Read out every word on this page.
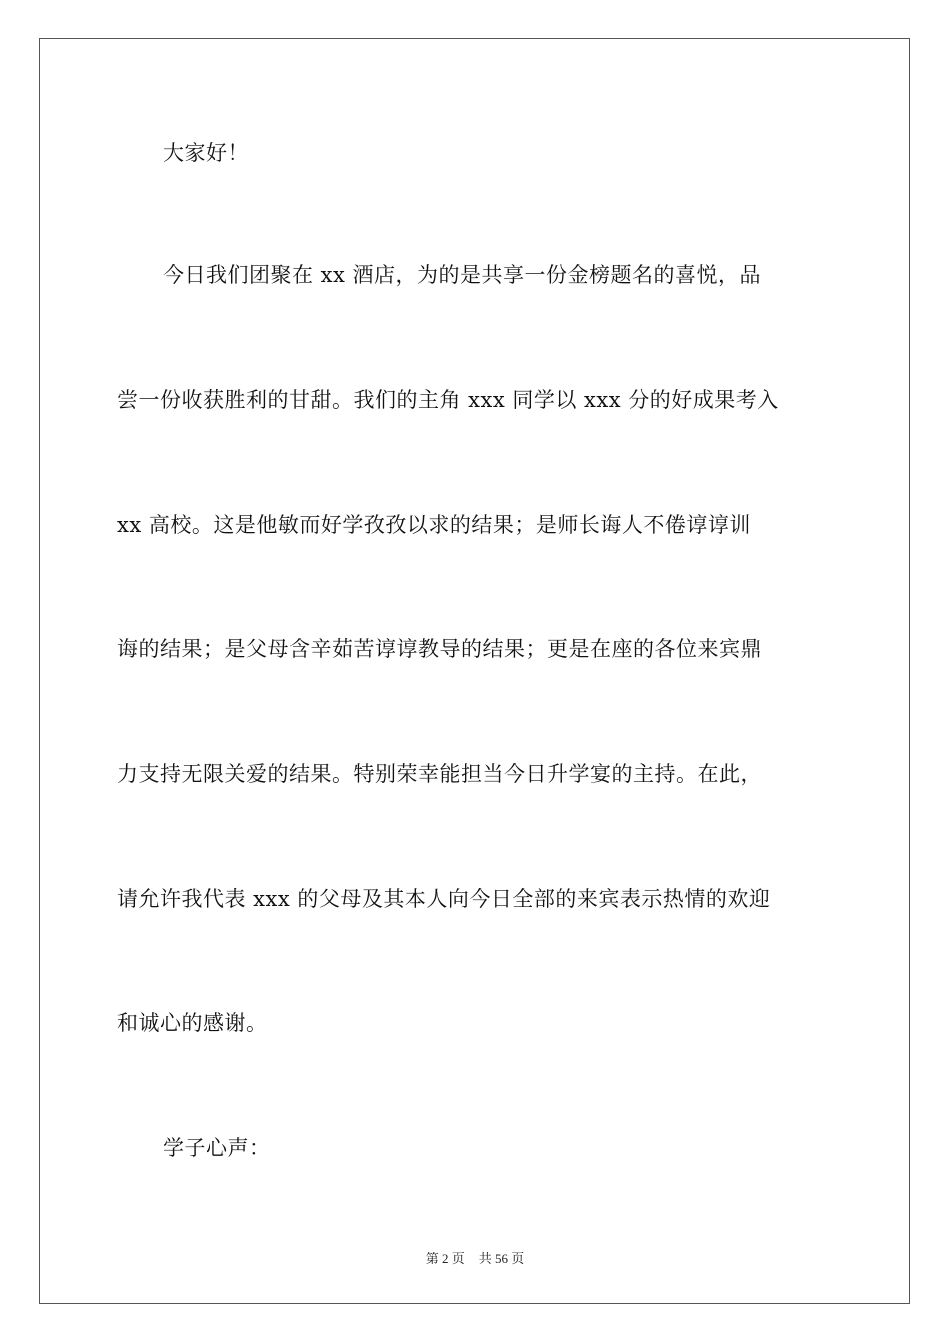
大家好！
今日我们团聚在 xx 酒店，为的是共享一份金榜题名的喜悦，品
尝一份收获胜利的甘甜。我们的主角 xxx 同学以 xxx 分的好成果考入
xx 高校。这是他敏而好学孜孜以求的结果；是师长诲人不倦谆谆训
诲的结果；是父母含辛茹苦谆谆教导的结果；更是在座的各位来宾鼎
力支持无限关爱的结果。特别荣幸能担当今日升学宴的主持。在此，
请允许我代表 xxx 的父母及其本人向今日全部的来宾表示热情的欢迎
和诚心的感谢。
学子心声：
第 2 页 共 56 页
